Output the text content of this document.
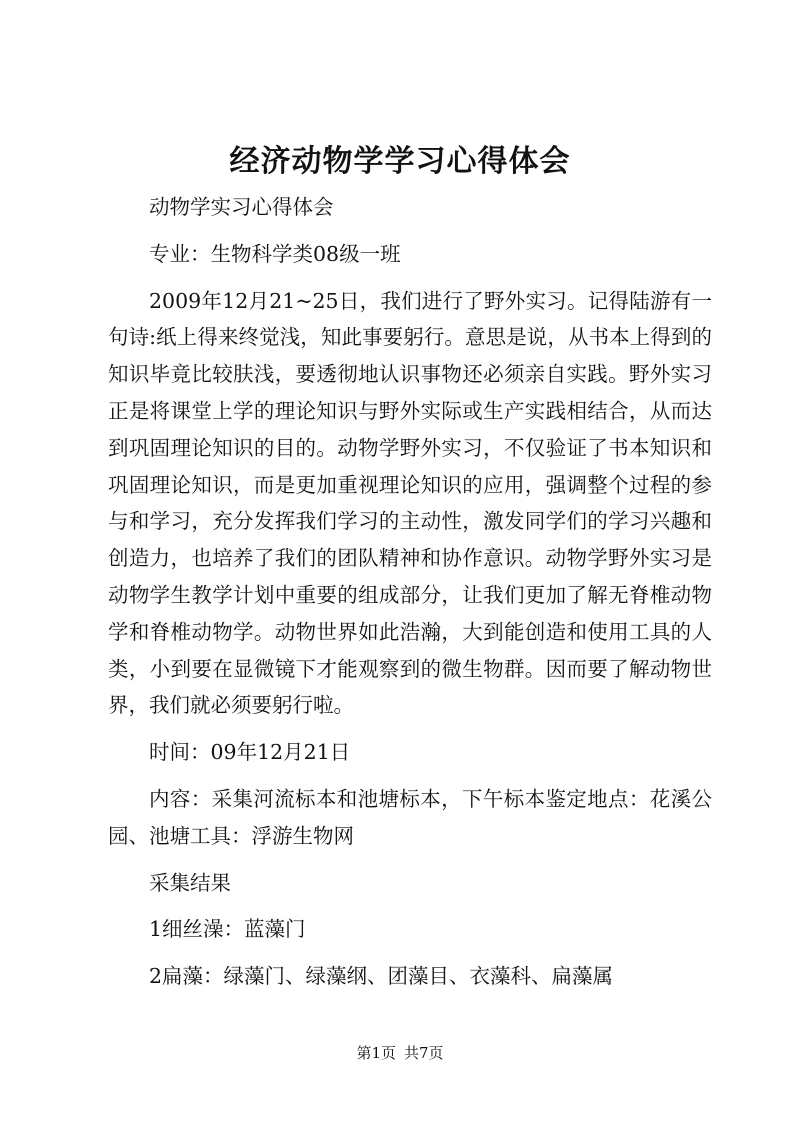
经济动物学学习心得体会

动物学实习心得体会

专业：生物科学类08级一班

2009年12月21~25日，我们进行了野外实习。记得陆游有一句诗:纸上得来终觉浅，知此事要躬行。意思是说，从书本上得到的知识毕竟比较肤浅，要透彻地认识事物还必须亲自实践。野外实习正是将课堂上学的理论知识与野外实际或生产实践相结合，从而达到巩固理论知识的目的。动物学野外实习，不仅验证了书本知识和巩固理论知识，而是更加重视理论知识的应用，强调整个过程的参与和学习，充分发挥我们学习的主动性，激发同学们的学习兴趣和创造力，也培养了我们的团队精神和协作意识。动物学野外实习是动物学生教学计划中重要的组成部分，让我们更加了解无脊椎动物学和脊椎动物学。动物世界如此浩瀚，大到能创造和使用工具的人类，小到要在显微镜下才能观察到的微生物群。因而要了解动物世界，我们就必须要躬行啦。

时间：09年12月21日

内容：采集河流标本和池塘标本，下午标本鉴定地点：花溪公园、池塘工具：浮游生物网

采集结果

1细丝澡：蓝藻门

2扁藻：绿藻门、绿藻纲、团藻目、衣藻科、扁藻属

第1页 共7页
